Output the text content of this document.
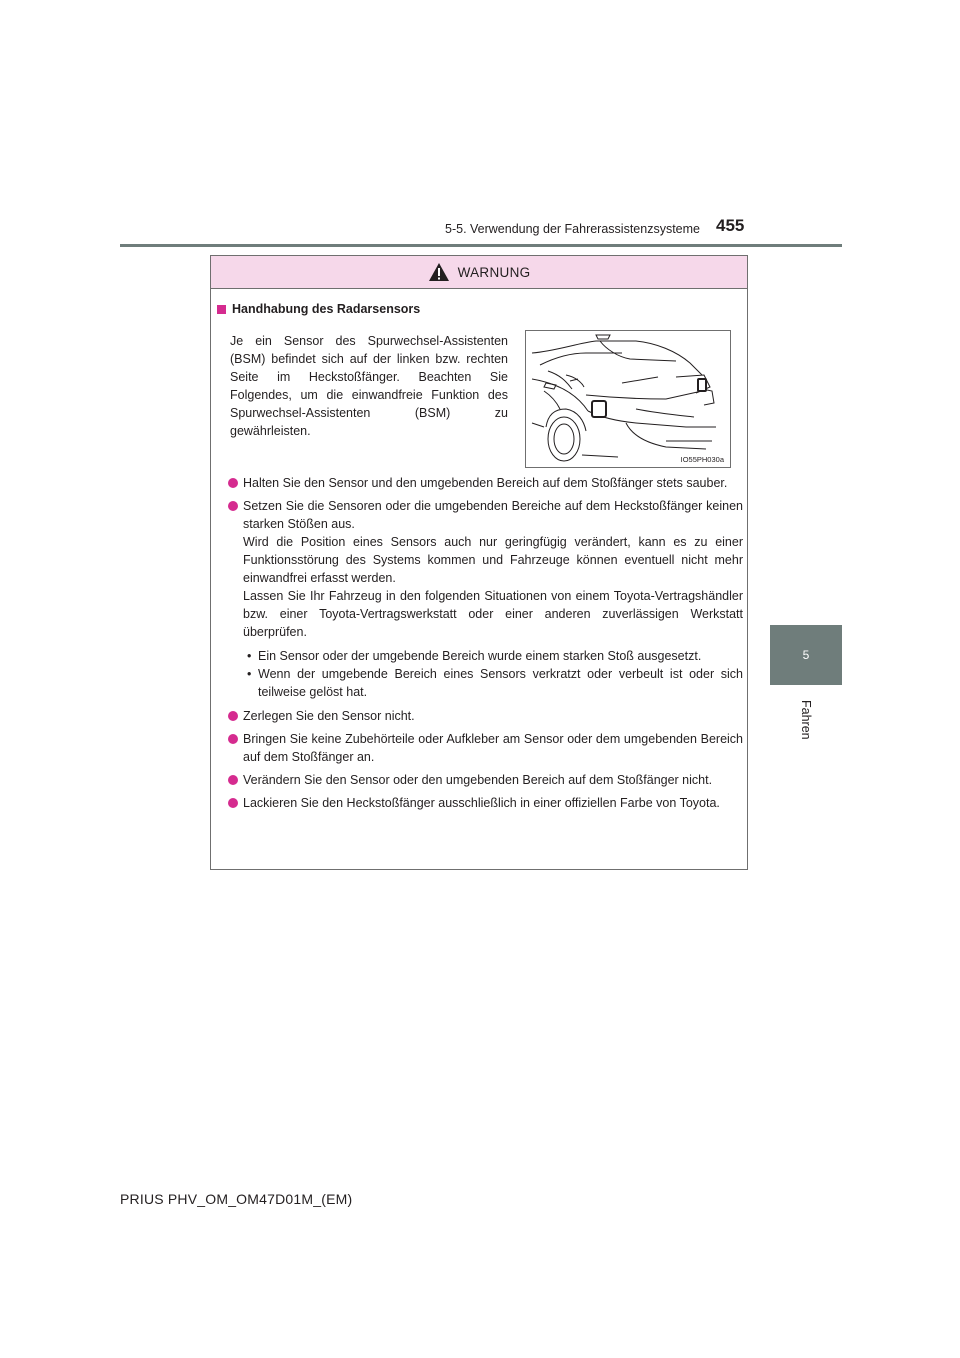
5-5. Verwendung der Fahrerassistenzsysteme 455
5
Fahren
WARNUNG
Handhabung des Radarsensors

Je ein Sensor des Spurwechsel-Assistenten (BSM) befindet sich auf der linken bzw. rechten Seite im Heckstoßfänger. Beachten Sie Folgendes, um die einwandfreie Funktion des Spurwechsel-Assistenten (BSM) zu gewährleisten.

IO55PH030a

Halten Sie den Sensor und den umgebenden Bereich auf dem Stoßfänger stets sauber.

Setzen Sie die Sensoren oder die umgebenden Bereiche auf dem Heckstoßfänger keinen starken Stößen aus.

Wird die Position eines Sensors auch nur geringfügig verändert, kann es zu einer Funktionsstörung des Systems kommen und Fahrzeuge können eventuell nicht mehr einwandfrei erfasst werden.

Lassen Sie Ihr Fahrzeug in den folgenden Situationen von einem Toyota-Vertragshändler bzw. einer Toyota-Vertragswerkstatt oder einer anderen zuverlässigen Werkstatt überprüfen.

• Ein Sensor oder der umgebende Bereich wurde einem starken Stoß ausgesetzt.
• Wenn der umgebende Bereich eines Sensors verkratzt oder verbeult ist oder sich teilweise gelöst hat.

Zerlegen Sie den Sensor nicht.

Bringen Sie keine Zubehörteile oder Aufkleber am Sensor oder dem umgebenden Bereich auf dem Stoßfänger an.

Verändern Sie den Sensor oder den umgebenden Bereich auf dem Stoßfänger nicht.

Lackieren Sie den Heckstoßfänger ausschließlich in einer offiziellen Farbe von Toyota.

PRIUS PHV_OM_OM47D01M_(EM)
